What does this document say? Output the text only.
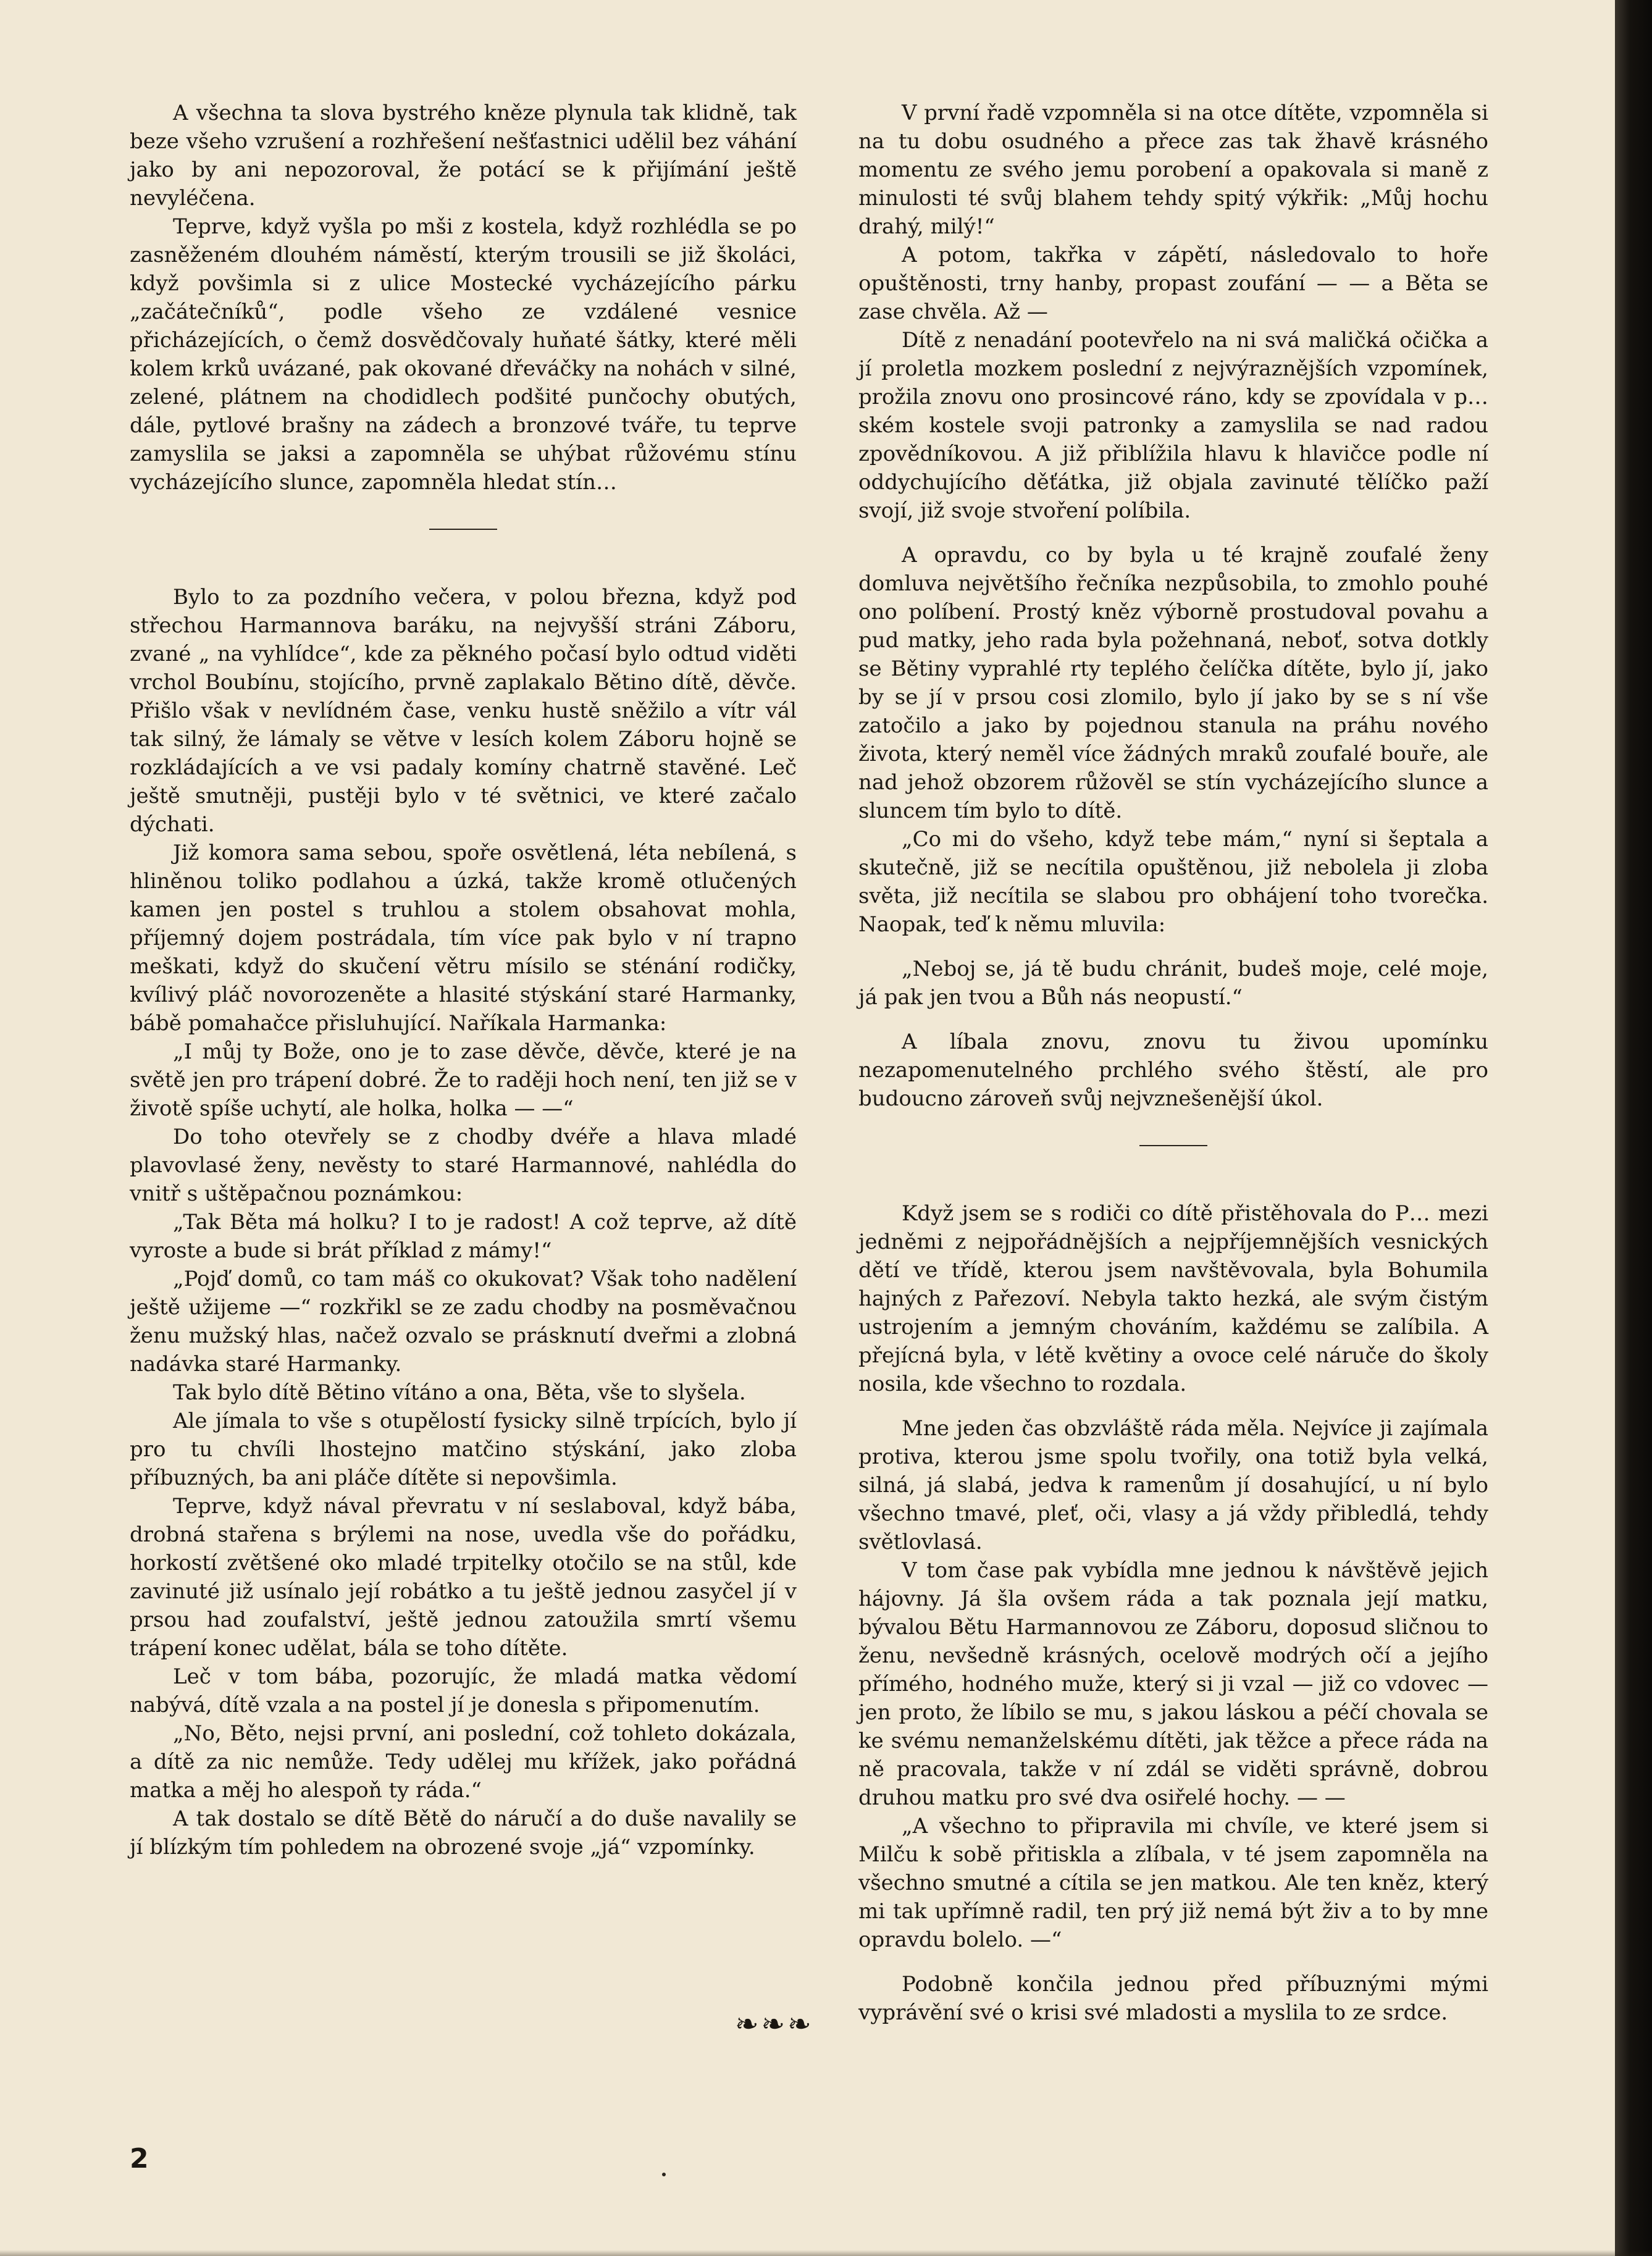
A všechna ta slova bystrého kněze plynula tak klidně, tak beze všeho vzrušení a rozhřešení nešťastnici udělil bez váhání jako by ani nepozoroval, že potácí se k přijímání ještě nevyléčena.

Teprve, když vyšla po mši z kostela, když rozhlédla se po zasněženém dlouhém náměstí, kterým trousili se již školáci, když povšimla si z ulice Mostecké vycházejícího párku „začátečníků“, podle všeho ze vzdálené vesnice přicházejících, o čemž dosvědčovaly huňaté šátky, které měli kolem krků uvázané, pak okované dřeváčky na nohách v silné, zelené, plátnem na chodidlech podšité punčochy obutých, dále, pytlové brašny na zádech a bronzové tváře, tu teprve zamyslila se jaksi a zapomněla se uhýbat růžovému stínu vycházejícího slunce, zapomněla hledat stín…

Bylo to za pozdního večera, v polou března, když pod střechou Harmannova baráku, na nejvyšší stráni Záboru, zvané „ na vyhlídce“, kde za pěkného počasí bylo odtud viděti vrchol Boubínu, stojícího, prvně zaplakalo Bětino dítě, děvče. Přišlo však v nevlídném čase, venku hustě sněžilo a vítr vál tak silný, že lámaly se větve v lesích kolem Záboru hojně se rozkládajících a ve vsi padaly komíny chatrně stavěné. Leč ještě smutněji, pustěji bylo v té světnici, ve které začalo dýchati.

Již komora sama sebou, spoře osvětlená, léta nebílená, s hliněnou toliko podlahou a úzká, takže kromě otlučených kamen jen postel s truhlou a stolem obsahovat mohla, příjemný dojem postrádala, tím více pak bylo v ní trapno meškati, když do skučení větru mísilo se sténání rodičky, kvílivý pláč novorozeněte a hlasité stýskání staré Harmanky, bábě pomahačce přisluhující. Naříkala Harmanka:

„I můj ty Bože, ono je to zase děvče, děvče, které je na světě jen pro trápení dobré. Že to raději hoch není, ten již se v životě spíše uchytí, ale holka, holka — —“

Do toho otevřely se z chodby dvéře a hlava mladé plavovlasé ženy, nevěsty to staré Harmannové, nahlédla do vnitř s uštěpačnou poznámkou:

„Tak Běta má holku? I to je radost! A což teprve, až dítě vyroste a bude si brát příklad z mámy!“

„Pojď domů, co tam máš co okukovat? Však toho nadělení ještě užijeme —“ rozkřikl se ze zadu chodby na posměvačnou ženu mužský hlas, načež ozvalo se prásknutí dveřmi a zlobná nadávka staré Harmanky.

Tak bylo dítě Bětino vítáno a ona, Běta, vše to slyšela.

Ale jímala to vše s otupělostí fysicky silně trpících, bylo jí pro tu chvíli lhostejno matčino stýskání, jako zloba příbuzných, ba ani pláče dítěte si nepovšimla.

Teprve, když nával převratu v ní seslaboval, když bába, drobná stařena s brýlemi na nose, uvedla vše do pořádku, horkostí zvětšené oko mladé trpitelky otočilo se na stůl, kde zavinuté již usínalo její robátko a tu ještě jednou zasyčel jí v prsou had zoufalství, ještě jednou zatoužila smrtí všemu trápení konec udělat, bála se toho dítěte.

Leč v tom bába, pozorujíc, že mladá matka vědomí nabývá, dítě vzala a na postel jí je donesla s připomenutím.

„No, Běto, nejsi první, ani poslední, což tohleto dokázala, a dítě za nic nemůže. Tedy udělej mu křížek, jako pořádná matka a měj ho alespoň ty ráda.“

A tak dostalo se dítě Bětě do náručí a do duše navalily se jí blízkým tím pohledem na obrozené svoje „já“ vzpomínky.

V první řadě vzpomněla si na otce dítěte, vzpomněla si na tu dobu osudného a přece zas tak žhavě krásného momentu ze svého jemu porobení a opakovala si maně z minulosti té svůj blahem tehdy spitý výkřik: „Můj hochu drahý, milý!“

A potom, takřka v zápětí, následovalo to hoře opuštěnosti, trny hanby, propast zoufání — — a Běta se zase chvěla. Až —

Dítě z nenadání pootevřelo na ni svá maličká očička a jí proletla mozkem poslední z nejvýraznějších vzpomínek, prožila znovu ono prosincové ráno, kdy se zpovídala v p… ském kostele svoji patronky a zamyslila se nad radou zpovědníkovou. A již přiblížila hlavu k hlavičce podle ní oddychujícího děťátka, již objala zavinuté tělíčko paží svojí, již svoje stvoření políbila.

A opravdu, co by byla u té krajně zoufalé ženy domluva největšího řečníka nezpůsobila, to zmohlo pouhé ono políbení. Prostý kněz výborně prostudoval povahu a pud matky, jeho rada byla požehnaná, neboť, sotva dotkly se Bětiny vyprahlé rty teplého čelíčka dítěte, bylo jí, jako by se jí v prsou cosi zlomilo, bylo jí jako by se s ní vše zatočilo a jako by pojednou stanula na práhu nového života, který neměl více žádných mraků zoufalé bouře, ale nad jehož obzorem růžověl se stín vycházejícího slunce a sluncem tím bylo to dítě.

„Co mi do všeho, když tebe mám,“ nyní si šeptala a skutečně, již se necítila opuštěnou, již nebolela ji zloba světa, již necítila se slabou pro obhájení toho tvorečka. Naopak, teď k němu mluvila:

„Neboj se, já tě budu chránit, budeš moje, celé moje, já pak jen tvou a Bůh nás neopustí.“

A líbala znovu, znovu tu živou upomínku nezapomenutelného prchlého svého štěstí, ale pro budoucno zároveň svůj nejvznešenější úkol.

Když jsem se s rodiči co dítě přistěhovala do P… mezi jedněmi z nejpořádnějších a nejpříjemnějších vesnických dětí ve třídě, kterou jsem navštěvovala, byla Bohumila hajných z Pařezoví. Nebyla takto hezká, ale svým čistým ustrojením a jemným chováním, každému se zalíbila. A přejícná byla, v létě květiny a ovoce celé náruče do školy nosila, kde všechno to rozdala.

Mne jeden čas obzvláště ráda měla. Nejvíce ji zajímala protiva, kterou jsme spolu tvořily, ona totiž byla velká, silná, já slabá, jedva k ramenům jí dosahující, u ní bylo všechno tmavé, pleť, oči, vlasy a já vždy přibledlá, tehdy světlovlasá.

V tom čase pak vybídla mne jednou k návštěvě jejich hájovny. Já šla ovšem ráda a tak poznala její matku, bývalou Bětu Harmannovou ze Záboru, doposud sličnou to ženu, nevšedně krásných, ocelově modrých očí a jejího přímého, hodného muže, který si ji vzal — již co vdovec — jen proto, že líbilo se mu, s jakou láskou a péčí chovala se ke svému nemanželskému dítěti, jak těžce a přece ráda na ně pracovala, takže v ní zdál se viděti správně, dobrou druhou matku pro své dva osiřelé hochy. — —

„A všechno to připravila mi chvíle, ve které jsem si Milču k sobě přitiskla a zlíbala, v té jsem zapomněla na všechno smutné a cítila se jen matkou. Ale ten kněz, který mi tak upřímně radil, ten prý již nemá být živ a to by mne opravdu bolelo. —“

Podobně končila jednou před příbuznými mými vyprávění své o krisi své mladosti a myslila to ze srdce.

❧❧❧
2
